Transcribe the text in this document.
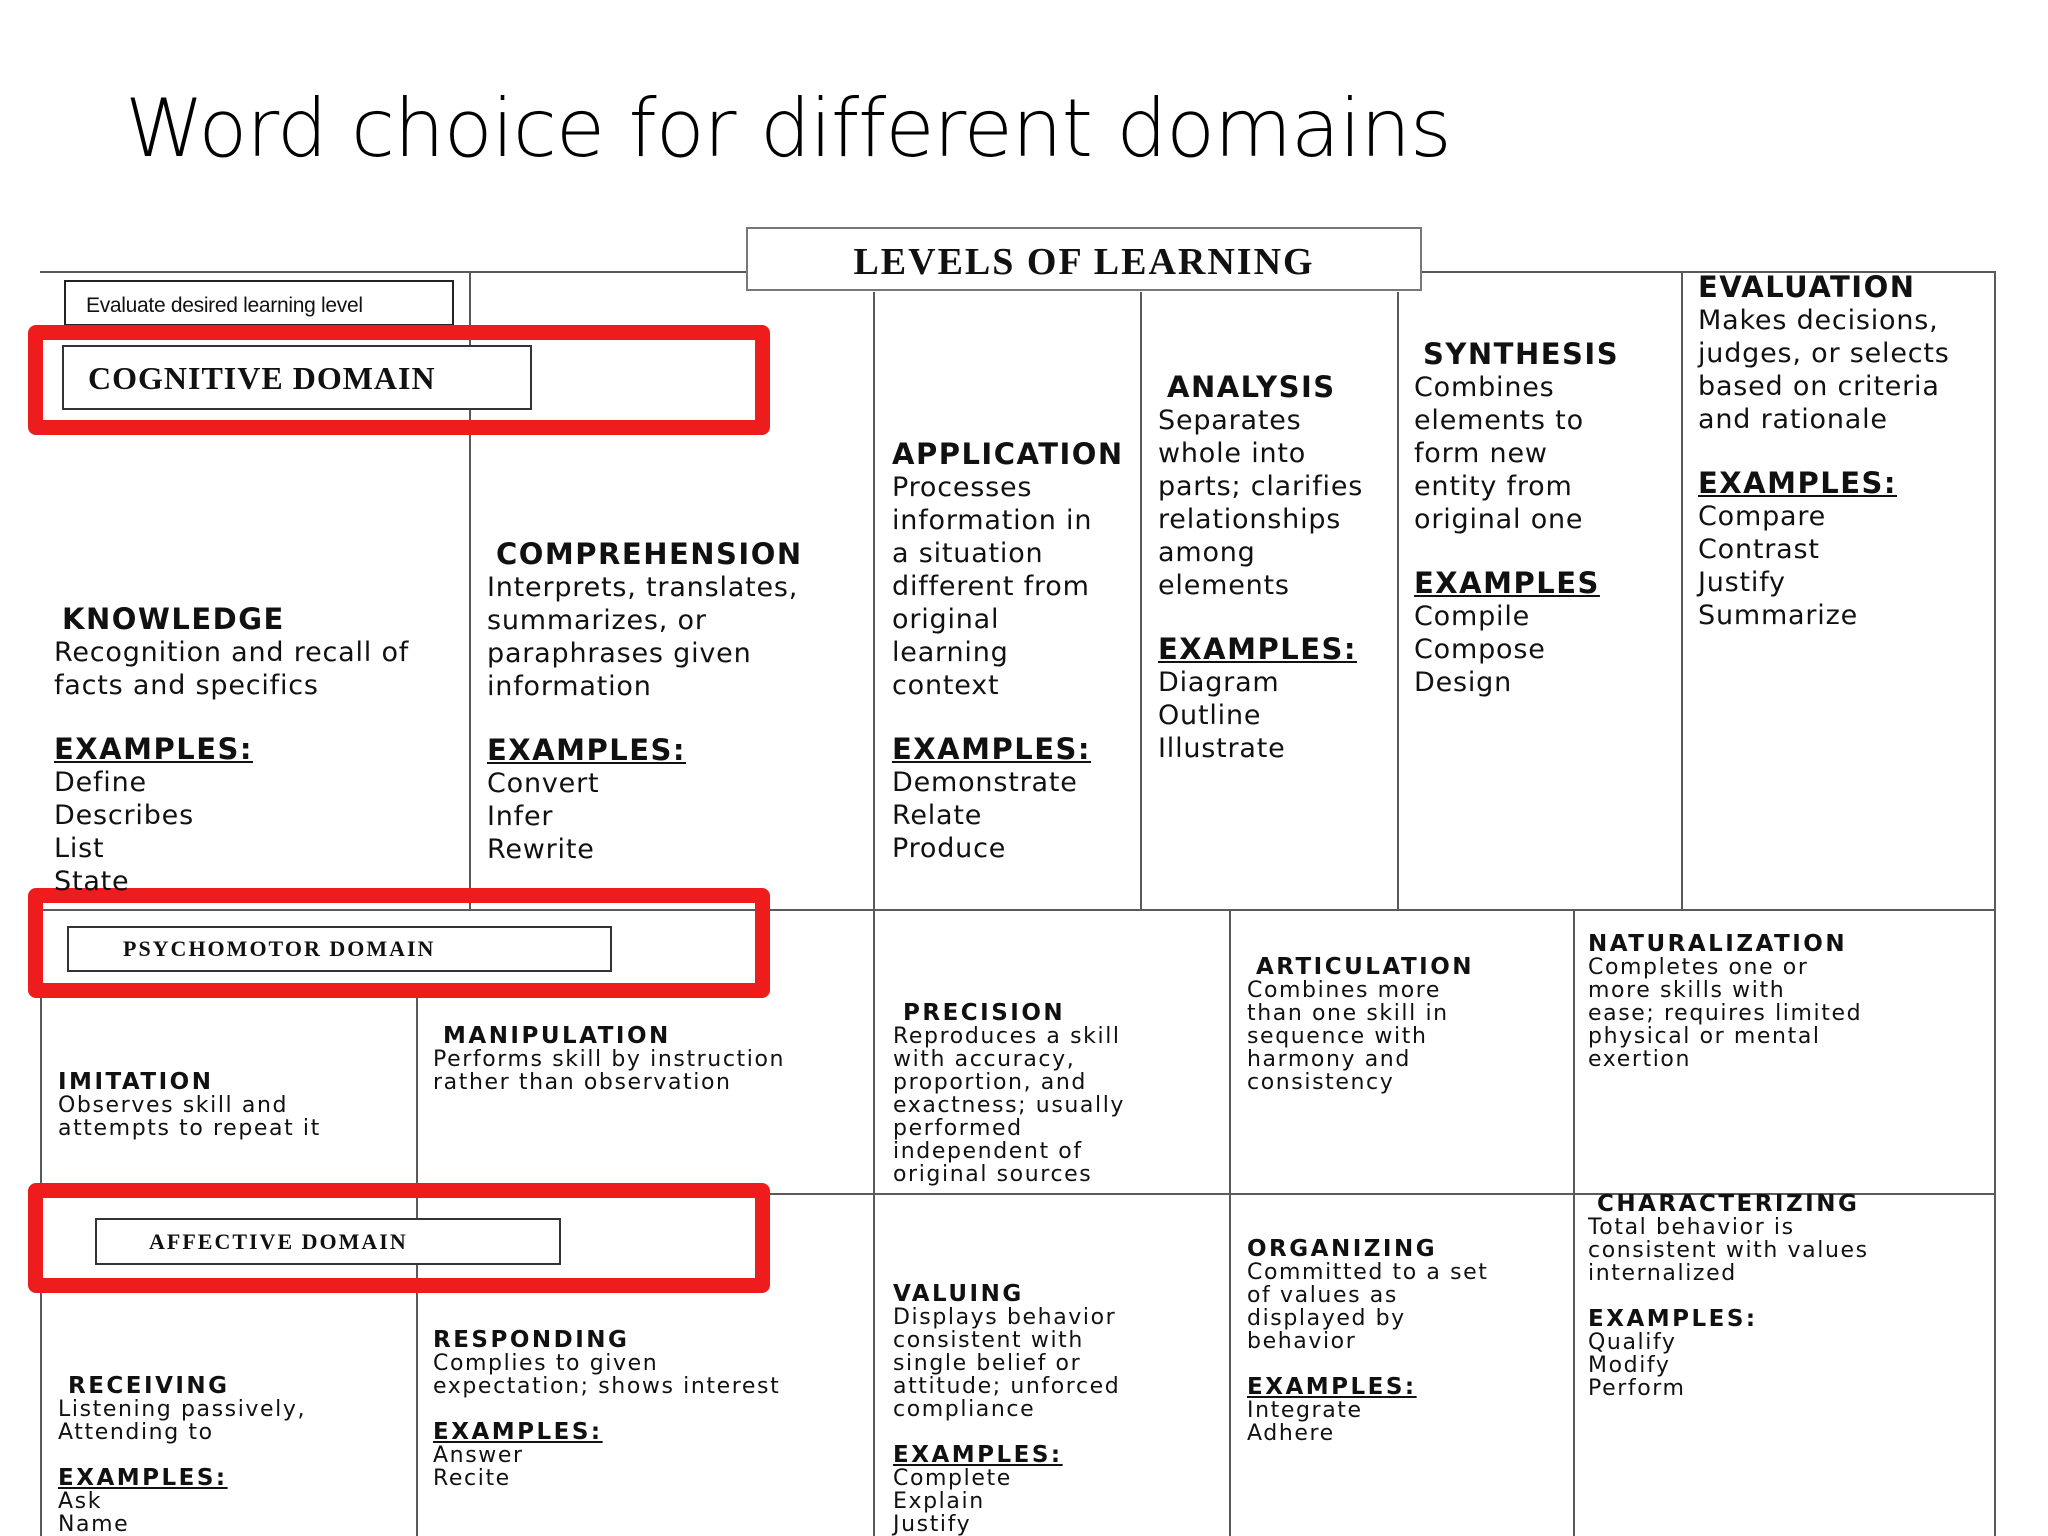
Word choice for different domains
LEVELS OF LEARNING
Evaluate desired learning level
COGNITIVE DOMAIN
PSYCHOMOTOR DOMAIN
AFFECTIVE DOMAIN
KNOWLEDGE
Recognition and recall of
facts and specifics
EXAMPLES:
Define
Describes
List
State
COMPREHENSION
Interprets, translates,
summarizes, or
paraphrases given
information
EXAMPLES:
Convert
Infer
Rewrite
APPLICATION
Processes
information in
a situation
different from
original
learning
context
EXAMPLES:
Demonstrate
Relate
Produce
ANALYSIS
Separates
whole into
parts; clarifies
relationships
among
elements
EXAMPLES:
Diagram
Outline
Illustrate
SYNTHESIS
Combines
elements to
form new
entity from
original one
EXAMPLES
Compile
Compose
Design
EVALUATION
Makes decisions,
judges, or selects
based on criteria
and rationale
EXAMPLES:
Compare
Contrast
Justify
Summarize
IMITATION
Observes skill and
attempts to repeat it
MANIPULATION
Performs skill by instruction
rather than observation
PRECISION
Reproduces a skill
with accuracy,
proportion, and
exactness; usually
performed
independent of
original sources
ARTICULATION
Combines more
than one skill in
sequence with
harmony and
consistency
NATURALIZATION
Completes one or
more skills with
ease; requires limited
physical or mental
exertion
RECEIVING
Listening passively,
Attending to
EXAMPLES:
Ask
Name
RESPONDING
Complies to given
expectation; shows interest
EXAMPLES:
Answer
Recite
VALUING
Displays behavior
consistent with
single belief or
attitude; unforced
compliance
EXAMPLES:
Complete
Explain
Justify
ORGANIZING
Committed to a set
of values as
displayed by
behavior
EXAMPLES:
Integrate
Adhere
CHARACTERIZING
Total behavior is
consistent with values
internalized
EXAMPLES:
Qualify
Modify
Perform
